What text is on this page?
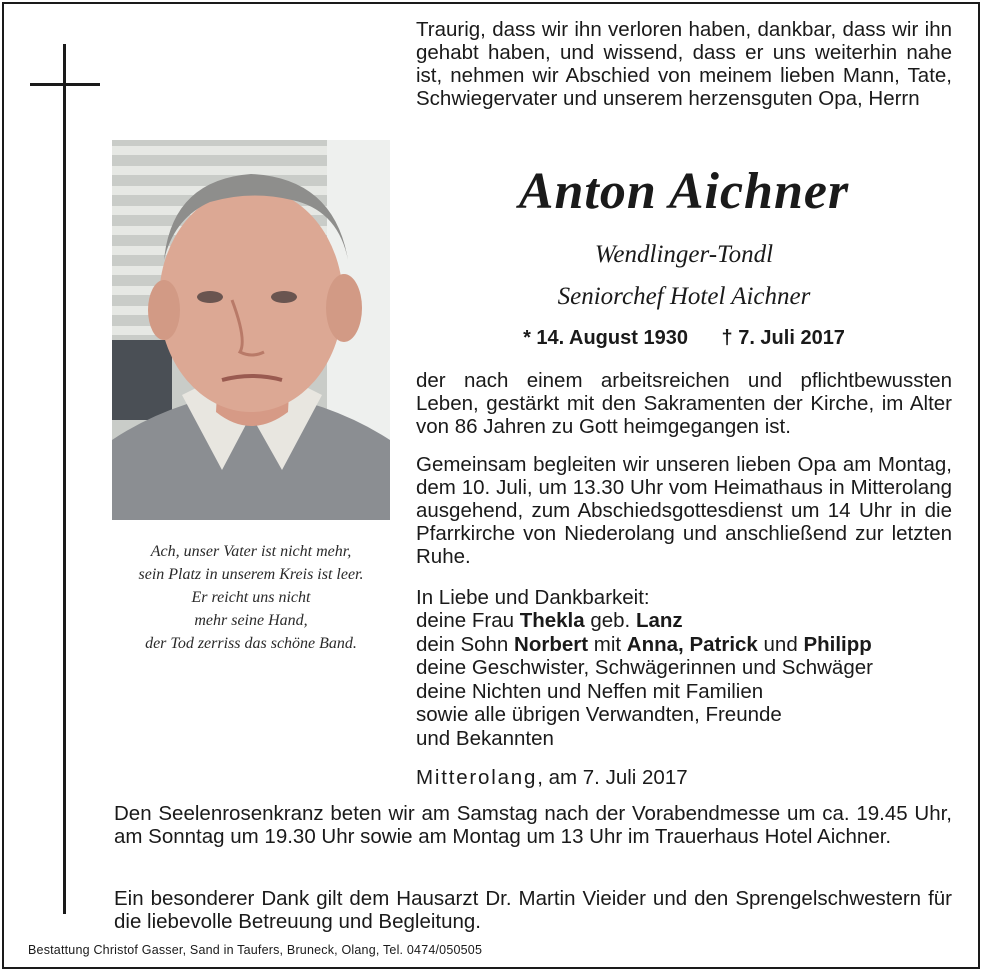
Traurig, dass wir ihn verloren haben, dankbar, dass wir ihn gehabt haben, und wissend, dass er uns weiterhin nahe ist, nehmen wir Abschied von meinem lieben Mann, Tate, Schwiegervater und unserem herzensguten Opa, Herrn

Ach, unser Vater ist nicht mehr,
sein Platz in unserem Kreis ist leer.
Er reicht uns nicht
mehr seine Hand,
der Tod zerriss das schöne Band.
Anton Aichner

Wendlinger-Tondl

Seniorchef Hotel Aichner

* 14. August 1930 † 7. Juli 2017

der nach einem arbeitsreichen und pflichtbewussten Leben, gestärkt mit den Sakramenten der Kirche, im Alter von 86 Jahren zu Gott heimgegangen ist.

Gemeinsam begleiten wir unseren lieben Opa am Montag, dem 10. Juli, um 13.30 Uhr vom Heimathaus in Mitterolang ausgehend, zum Abschiedsgottesdienst um 14 Uhr in die Pfarrkirche von Niederolang und anschließend zur letzten Ruhe.

In Liebe und Dankbarkeit:

deine Frau Thekla geb. Lanz
dein Sohn Norbert mit Anna, Patrick und Philipp
deine Geschwister, Schwägerinnen und Schwäger
deine Nichten und Neffen mit Familien
sowie alle übrigen Verwandten, Freunde
und Bekannten

Mitterolang, am 7. Juli 2017

Den Seelenrosenkranz beten wir am Samstag nach der Vorabendmesse um ca. 19.45 Uhr, am Sonntag um 19.30 Uhr sowie am Montag um 13 Uhr im Trauerhaus Hotel Aichner.

Ein besonderer Dank gilt dem Hausarzt Dr. Martin Vieider und den Sprengelschwestern für die liebevolle Betreuung und Begleitung.

Bestattung Christof Gasser, Sand in Taufers, Bruneck, Olang, Tel. 0474/050505
